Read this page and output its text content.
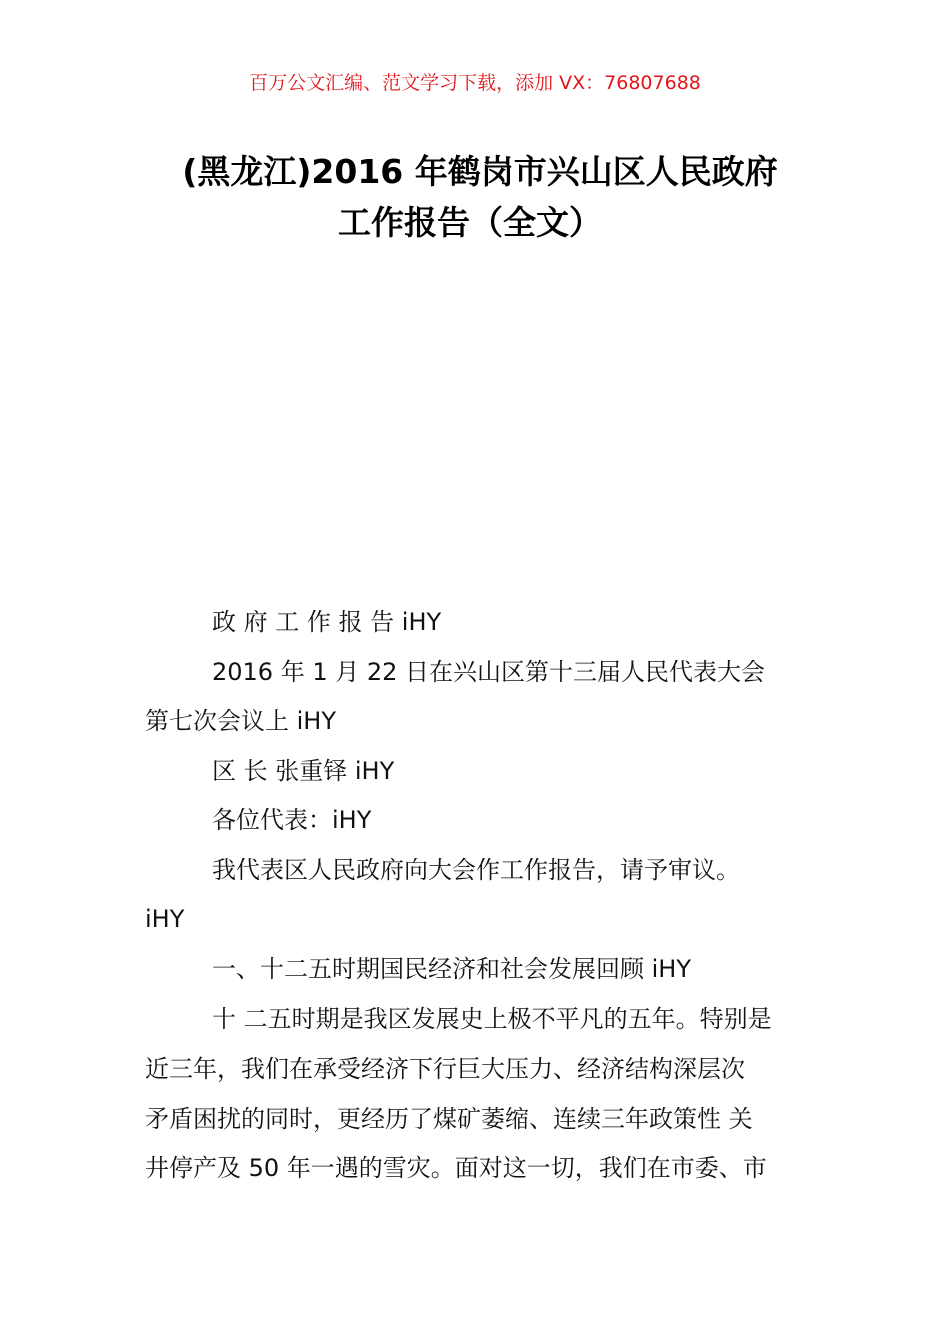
百万公文汇编、范文学习下载，添加 VX：76807688
(黑龙江)2016 年鹤岗市兴山区人民政府
工作报告（全文）
政 府 工 作 报 告 iHY
2016 年 1 月 22 日在兴山区第十三届人民代表大会
第七次会议上 iHY
区 长 张重铎 iHY
各位代表：iHY
我代表区人民政府向大会作工作报告，请予审议。
iHY
一、十二五时期国民经济和社会发展回顾 iHY
十 二五时期是我区发展史上极不平凡的五年。特别是
近三年，我们在承受经济下行巨大压力、经济结构深层次
矛盾困扰的同时，更经历了煤矿萎缩、连续三年政策性 关
井停产及 50 年一遇的雪灾。面对这一切，我们在市委、市
